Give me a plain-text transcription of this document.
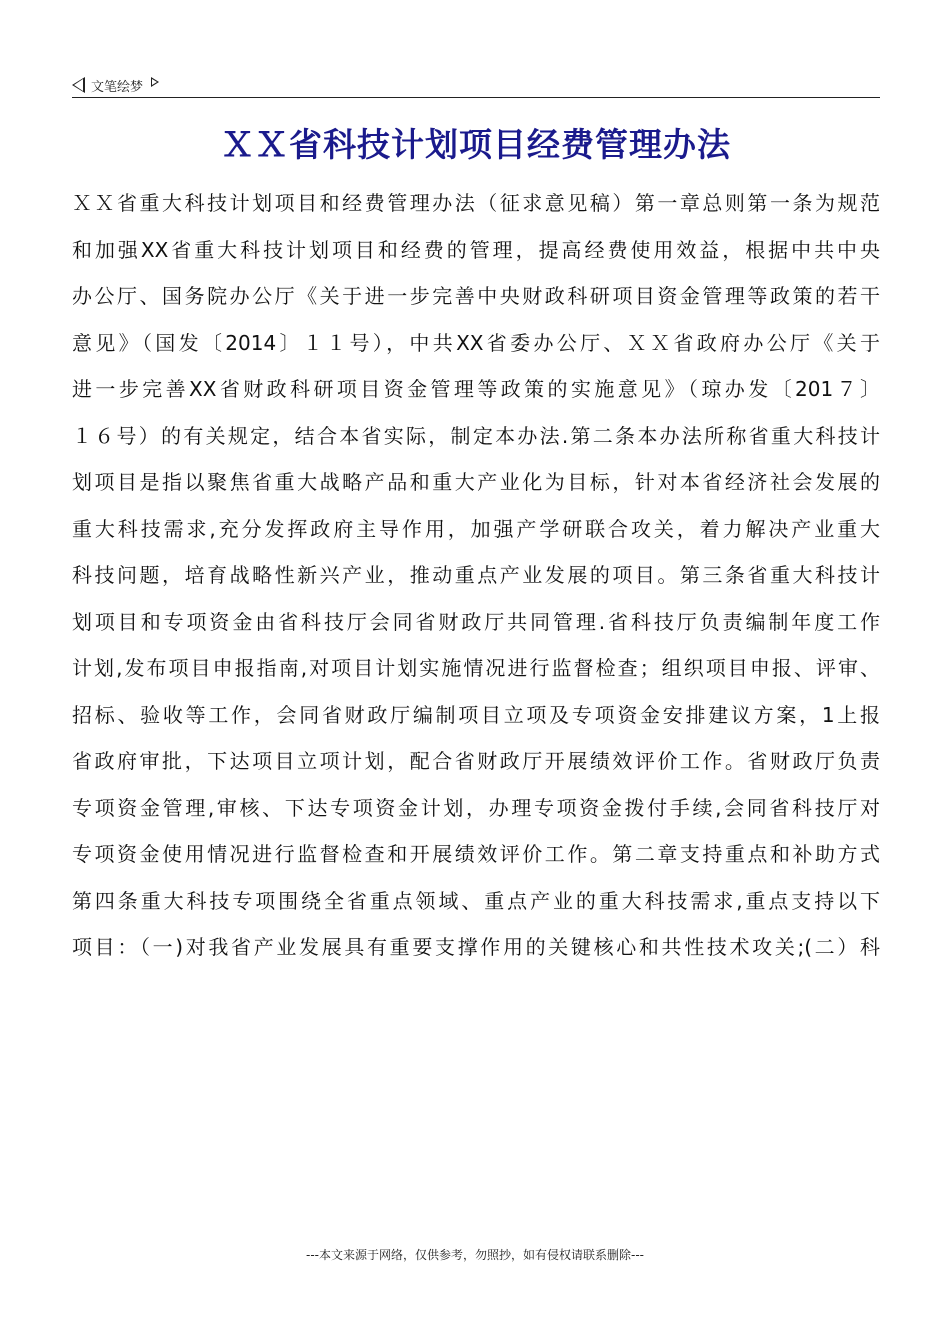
文笔绘梦
ＸＸ省科技计划项目经费管理办法
ＸＸ省重大科技计划项目和经费管理办法（征求意见稿）第一章总则第一条为规范
和加强XX省重大科技计划项目和经费的管理，提高经费使用效益，根据中共中央
办公厅、国务院办公厅《关于进一步完善中央财政科研项目资金管理等政策的若干
意见》（国发〔2014〕１１号），中共XX省委办公厅、ＸＸ省政府办公厅《关于
进一步完善XX省财政科研项目资金管理等政策的实施意见》（琼办发〔201７〕
１６号）的有关规定，结合本省实际，制定本办法.第二条本办法所称省重大科技计
划项目是指以聚焦省重大战略产品和重大产业化为目标，针对本省经济社会发展的
重大科技需求,充分发挥政府主导作用，加强产学研联合攻关，着力解决产业重大
科技问题，培育战略性新兴产业，推动重点产业发展的项目。第三条省重大科技计
划项目和专项资金由省科技厅会同省财政厅共同管理.省科技厅负责编制年度工作
计划,发布项目申报指南,对项目计划实施情况进行监督检查；组织项目申报、评审、
招标、验收等工作，会同省财政厅编制项目立项及专项资金安排建议方案，1上报
省政府审批，下达项目立项计划，配合省财政厅开展绩效评价工作。省财政厅负责
专项资金管理,审核、下达专项资金计划，办理专项资金拨付手续,会同省科技厅对
专项资金使用情况进行监督检查和开展绩效评价工作。第二章支持重点和补助方式
第四条重大科技专项围绕全省重点领域、重点产业的重大科技需求,重点支持以下
项目：（一)对我省产业发展具有重要支撑作用的关键核心和共性技术攻关;(二）科
---本文来源于网络，仅供参考，勿照抄，如有侵权请联系删除---
